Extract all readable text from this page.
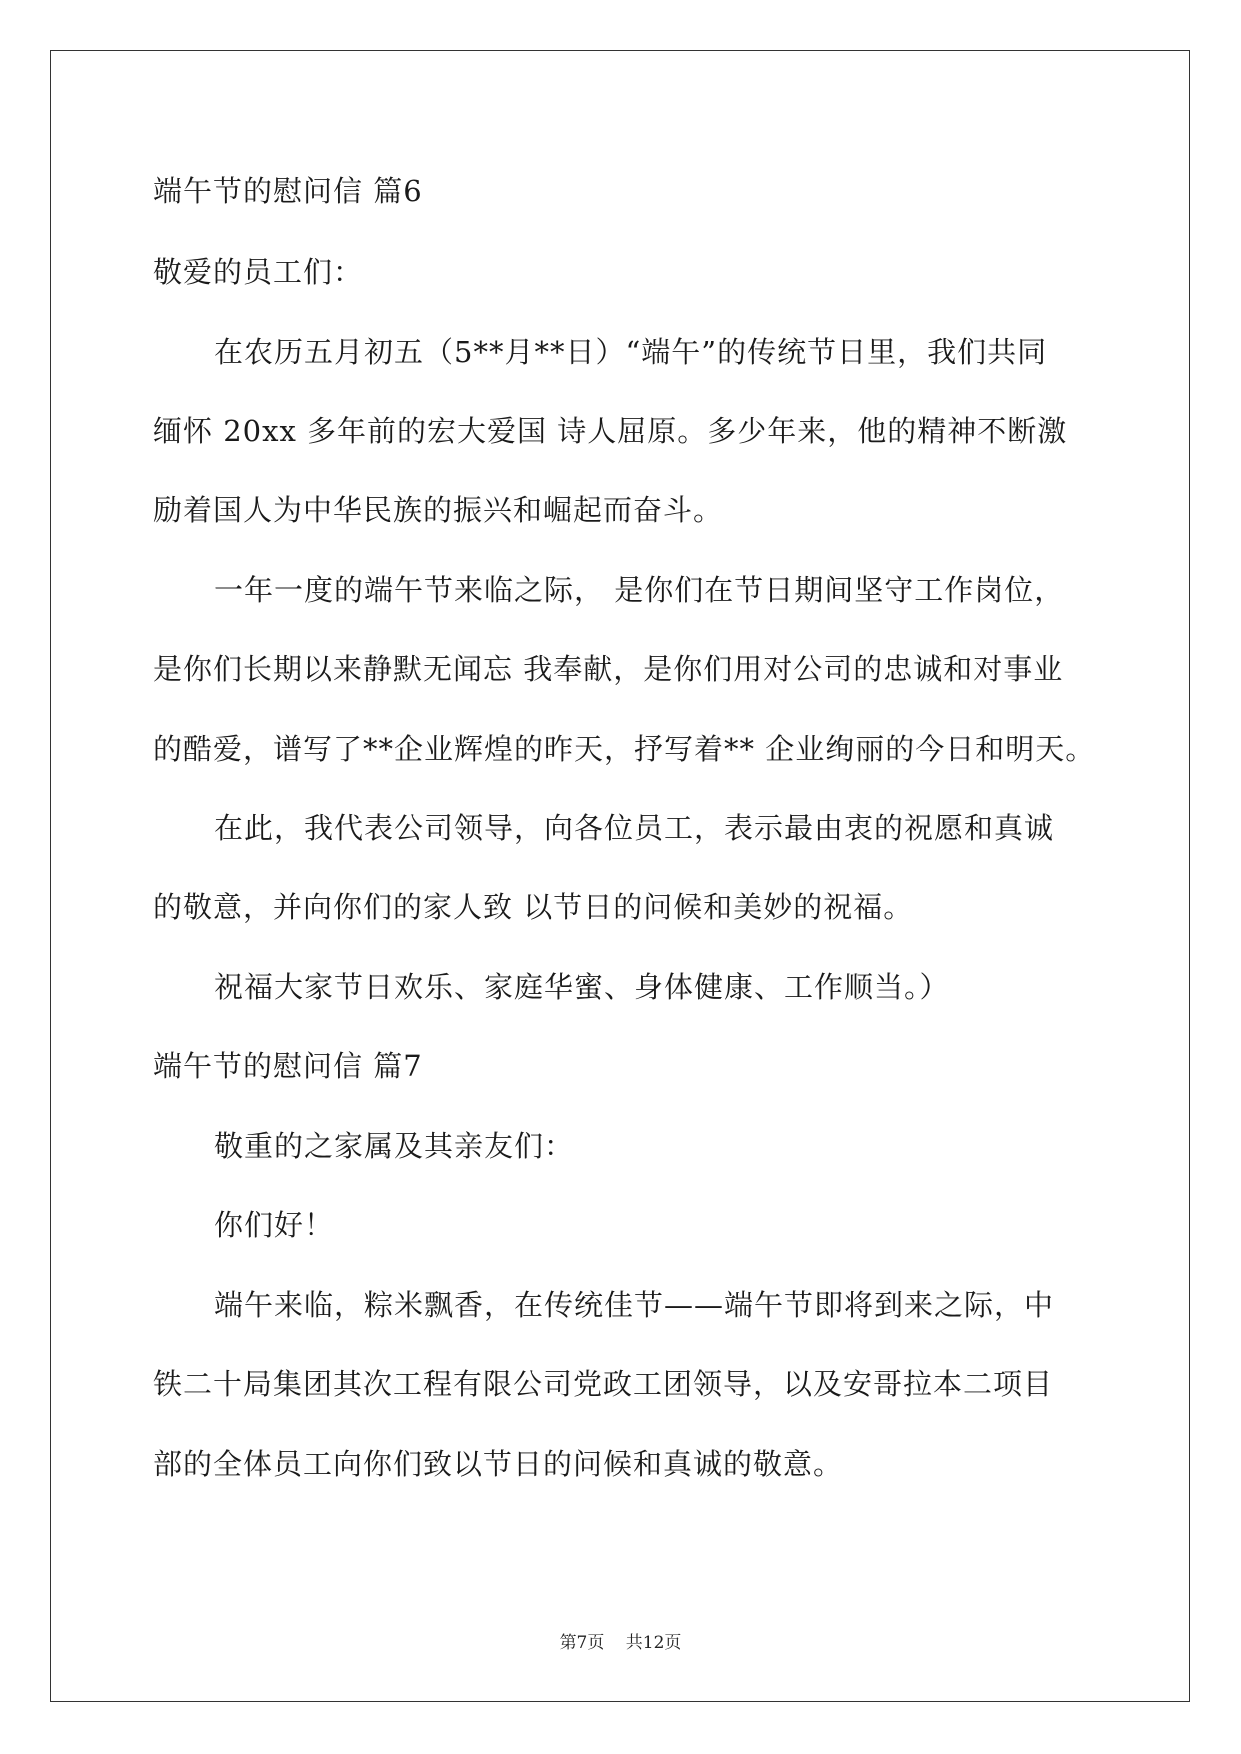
端午节的慰问信 篇6
敬爱的员工们：
在农历五月初五（5**月**日）“端午”的传统节日里，我们共同
缅怀 20xx 多年前的宏大爱国 诗人屈原。多少年来，他的精神不断激
励着国人为中华民族的振兴和崛起而奋斗。
一年一度的端午节来临之际， 是你们在节日期间坚守工作岗位，
是你们长期以来静默无闻忘 我奉献，是你们用对公司的忠诚和对事业
的酷爱，谱写了**企业辉煌的昨天，抒写着** 企业绚丽的今日和明天。
在此，我代表公司领导，向各位员工，表示最由衷的祝愿和真诚
的敬意，并向你们的家人致 以节日的问候和美妙的祝福。
祝福大家节日欢乐、家庭华蜜、身体健康、工作顺当。）
端午节的慰问信 篇7
敬重的之家属及其亲友们：
你们好！
端午来临，粽米飘香，在传统佳节——端午节即将到来之际，中
铁二十局集团其次工程有限公司党政工团领导，以及安哥拉本二项目
部的全体员工向你们致以节日的问候和真诚的敬意。
第7页 共12页
